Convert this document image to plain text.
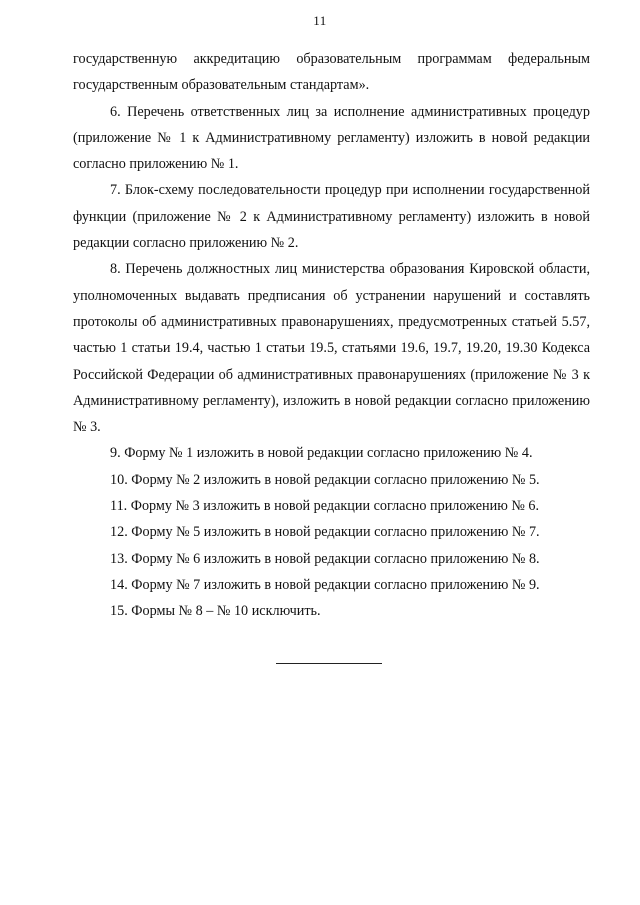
11

государственную аккредитацию образовательным программам федеральным государственным образовательным стандартам».

6. Перечень ответственных лиц за исполнение административных процедур (приложение № 1 к Административному регламенту) изложить в новой редакции согласно приложению № 1.

7. Блок-схему последовательности процедур при исполнении государственной функции (приложение № 2 к Административному регламенту) изложить в новой редакции согласно приложению № 2.

8. Перечень должностных лиц министерства образования Кировской области, уполномоченных выдавать предписания об устранении нарушений и составлять протоколы об административных правонарушениях, предусмотренных статьей 5.57, частью 1 статьи 19.4, частью 1 статьи 19.5, статьями 19.6, 19.7, 19.20, 19.30 Кодекса Российской Федерации об административных правонарушениях (приложение № 3 к Административному регламенту), изложить в новой редакции согласно приложению № 3.

9. Форму № 1 изложить в новой редакции согласно приложению № 4.

10. Форму № 2 изложить в новой редакции согласно приложению № 5.

11. Форму № 3 изложить в новой редакции согласно приложению № 6.

12. Форму № 5 изложить в новой редакции согласно приложению № 7.

13. Форму № 6 изложить в новой редакции согласно приложению № 8.

14. Форму № 7 изложить в новой редакции согласно приложению № 9.

15. Формы № 8 – № 10 исключить.
